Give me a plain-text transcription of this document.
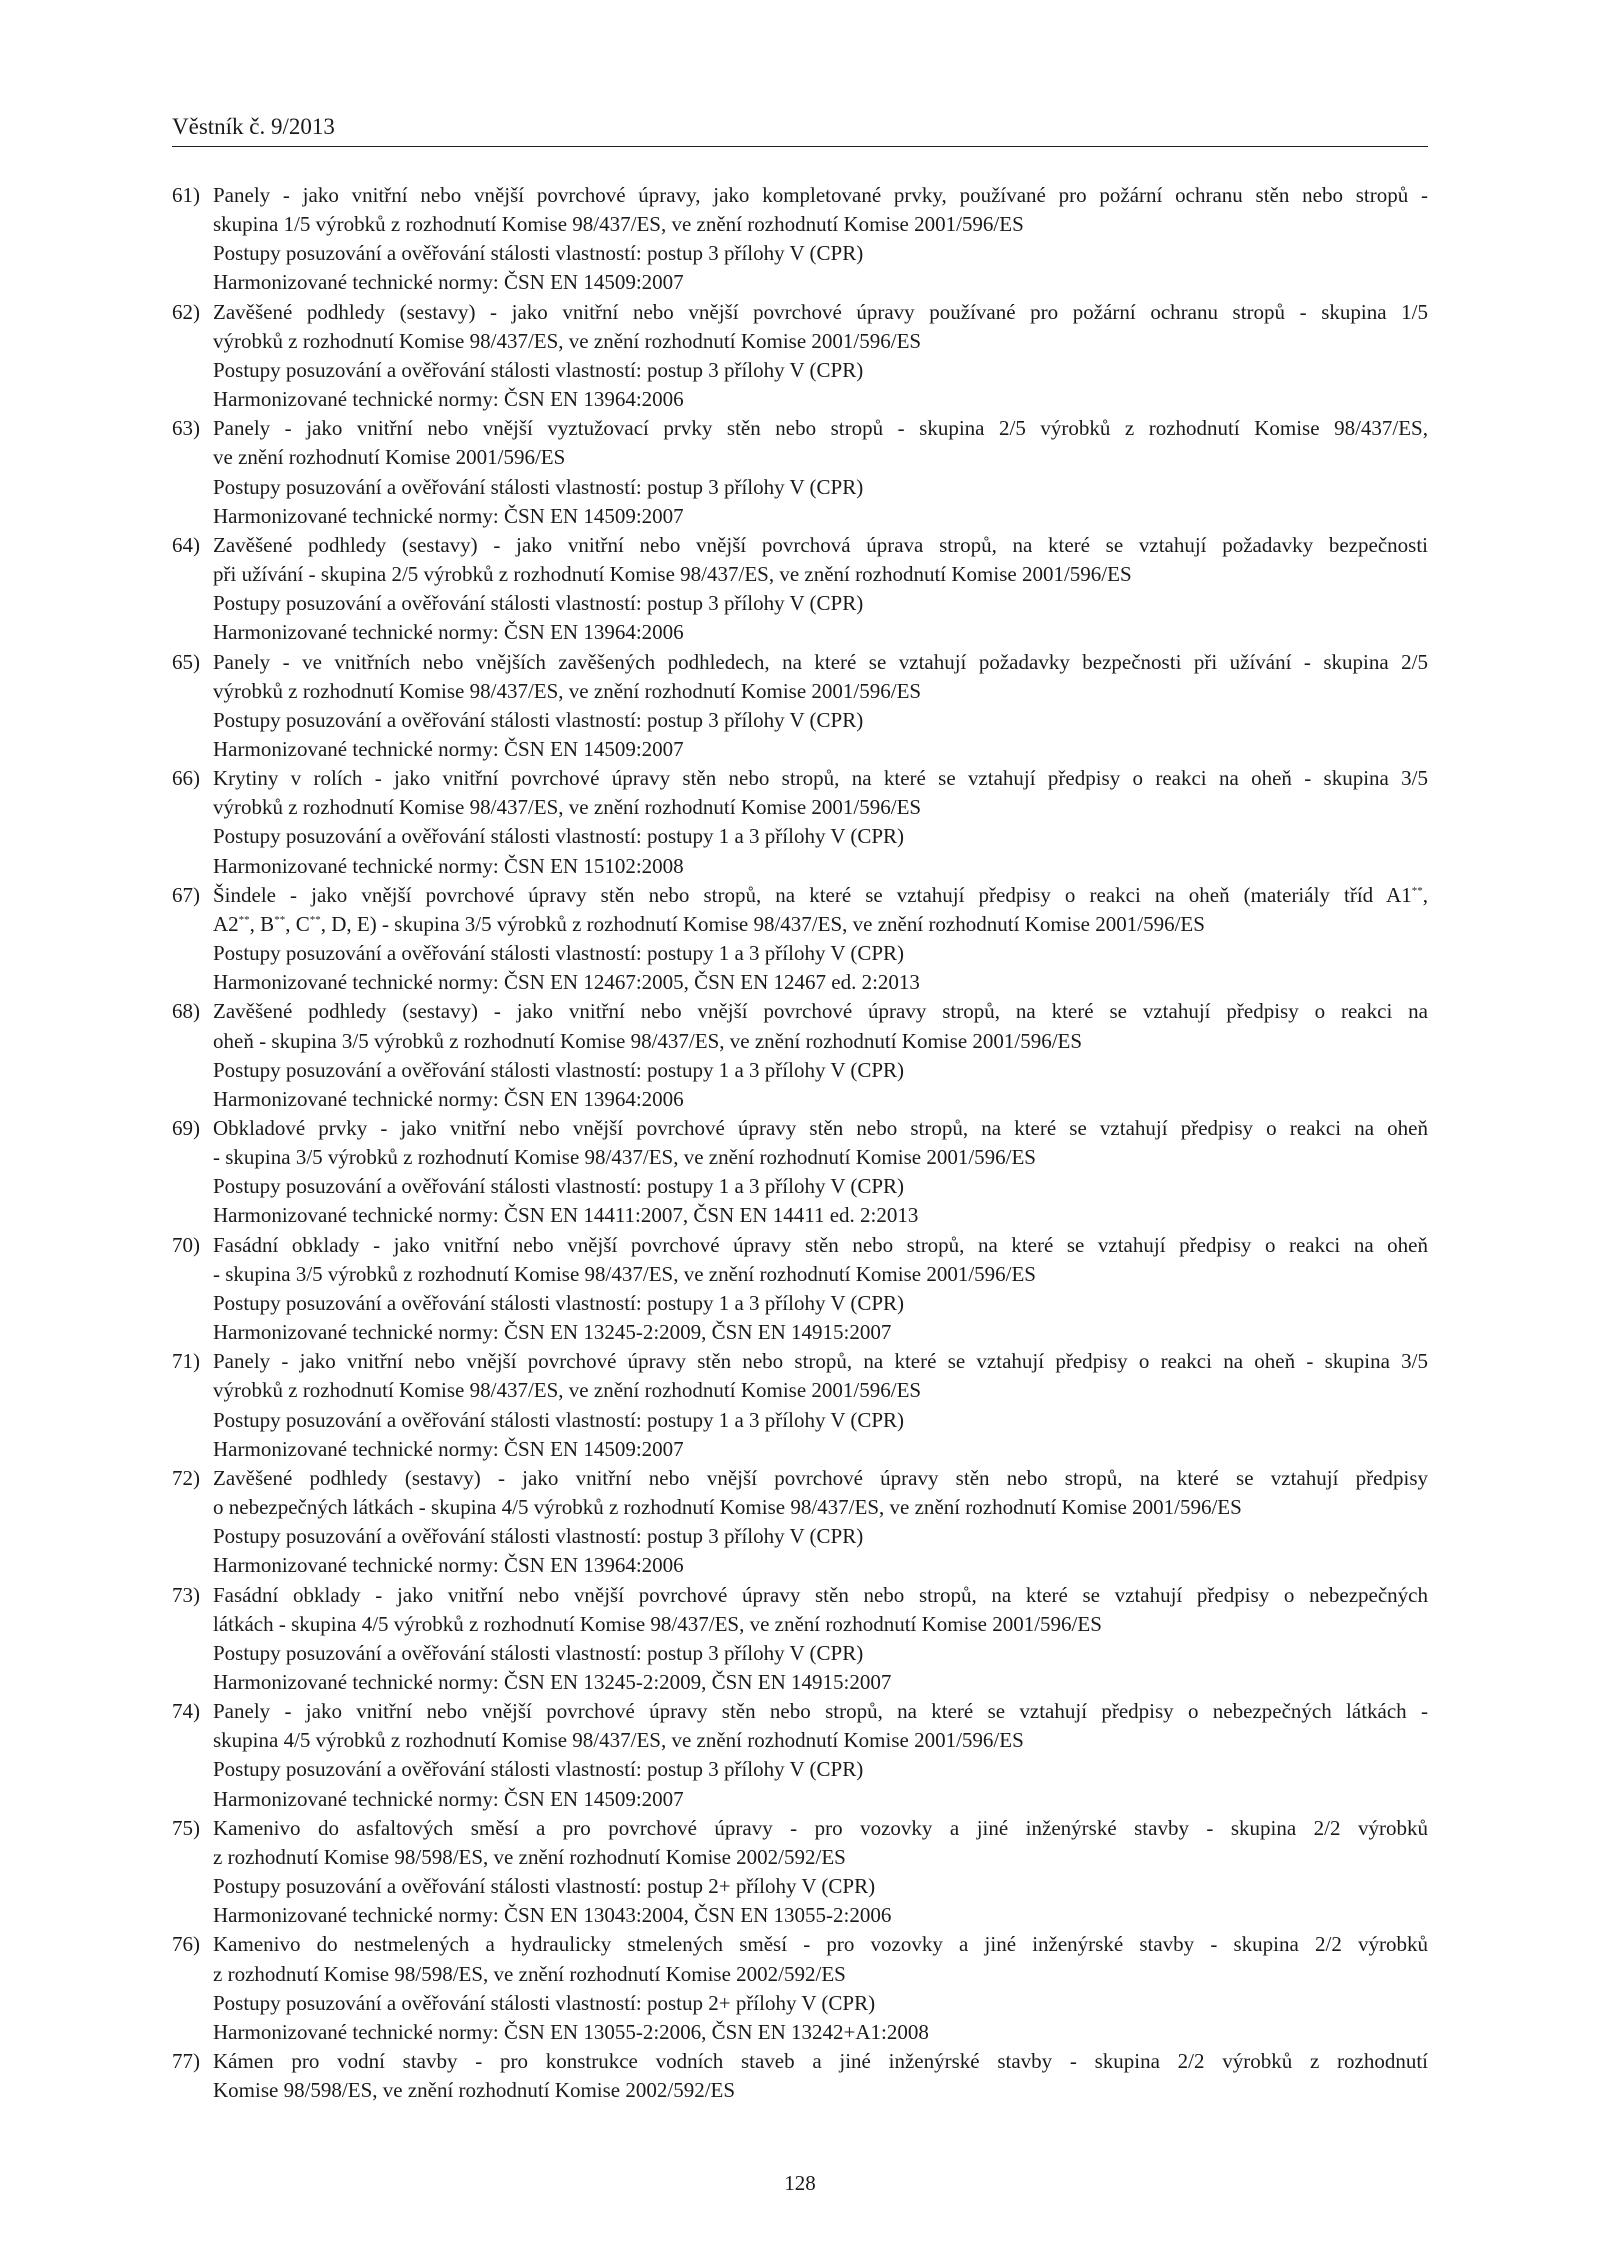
Věstník č. 9/2013
61) Panely - jako vnitřní nebo vnější povrchové úpravy, jako kompletované prvky, používané pro požární ochranu stěn nebo stropů -
skupina 1/5 výrobků z rozhodnutí Komise 98/437/ES, ve znění rozhodnutí Komise 2001/596/ES
Postupy posuzování a ověřování stálosti vlastností: postup 3 přílohy V (CPR)
Harmonizované technické normy: ČSN EN 14509:2007
62) Zavěšené podhledy (sestavy) - jako vnitřní nebo vnější povrchové úpravy používané pro požární ochranu stropů - skupina 1/5
výrobků z rozhodnutí Komise 98/437/ES, ve znění rozhodnutí Komise 2001/596/ES
Postupy posuzování a ověřování stálosti vlastností: postup 3 přílohy V (CPR)
Harmonizované technické normy: ČSN EN 13964:2006
63) Panely - jako vnitřní nebo vnější vyztužovací prvky stěn nebo stropů - skupina 2/5 výrobků z rozhodnutí Komise 98/437/ES,
ve znění rozhodnutí Komise 2001/596/ES
Postupy posuzování a ověřování stálosti vlastností: postup 3 přílohy V (CPR)
Harmonizované technické normy: ČSN EN 14509:2007
64) Zavěšené podhledy (sestavy) - jako vnitřní nebo vnější povrchová úprava stropů, na které se vztahují požadavky bezpečnosti
při užívání - skupina 2/5 výrobků z rozhodnutí Komise 98/437/ES, ve znění rozhodnutí Komise 2001/596/ES
Postupy posuzování a ověřování stálosti vlastností: postup 3 přílohy V (CPR)
Harmonizované technické normy: ČSN EN 13964:2006
65) Panely - ve vnitřních nebo vnějších zavěšených podhledech, na které se vztahují požadavky bezpečnosti při užívání - skupina 2/5
výrobků z rozhodnutí Komise 98/437/ES, ve znění rozhodnutí Komise 2001/596/ES
Postupy posuzování a ověřování stálosti vlastností: postup 3 přílohy V (CPR)
Harmonizované technické normy: ČSN EN 14509:2007
66) Krytiny v rolích - jako vnitřní povrchové úpravy stěn nebo stropů, na které se vztahují předpisy o reakci na oheň - skupina 3/5
výrobků z rozhodnutí Komise 98/437/ES, ve znění rozhodnutí Komise 2001/596/ES
Postupy posuzování a ověřování stálosti vlastností: postupy 1 a 3 přílohy V (CPR)
Harmonizované technické normy: ČSN EN 15102:2008
67) Šindele - jako vnější povrchové úpravy stěn nebo stropů, na které se vztahují předpisy o reakci na oheň (materiály tříd A1**,
A2**, B**, C**, D, E) - skupina 3/5 výrobků z rozhodnutí Komise 98/437/ES, ve znění rozhodnutí Komise 2001/596/ES
Postupy posuzování a ověřování stálosti vlastností: postupy 1 a 3 přílohy V (CPR)
Harmonizované technické normy: ČSN EN 12467:2005, ČSN EN 12467 ed. 2:2013
68) Zavěšené podhledy (sestavy) - jako vnitřní nebo vnější povrchové úpravy stropů, na které se vztahují předpisy o reakci na
oheň - skupina 3/5 výrobků z rozhodnutí Komise 98/437/ES, ve znění rozhodnutí Komise 2001/596/ES
Postupy posuzování a ověřování stálosti vlastností: postupy 1 a 3 přílohy V (CPR)
Harmonizované technické normy: ČSN EN 13964:2006
69) Obkladové prvky - jako vnitřní nebo vnější povrchové úpravy stěn nebo stropů, na které se vztahují předpisy o reakci na oheň
- skupina 3/5 výrobků z rozhodnutí Komise 98/437/ES, ve znění rozhodnutí Komise 2001/596/ES
Postupy posuzování a ověřování stálosti vlastností: postupy 1 a 3 přílohy V (CPR)
Harmonizované technické normy: ČSN EN 14411:2007, ČSN EN 14411 ed. 2:2013
70) Fasádní obklady - jako vnitřní nebo vnější povrchové úpravy stěn nebo stropů, na které se vztahují předpisy o reakci na oheň
- skupina 3/5 výrobků z rozhodnutí Komise 98/437/ES, ve znění rozhodnutí Komise 2001/596/ES
Postupy posuzování a ověřování stálosti vlastností: postupy 1 a 3 přílohy V (CPR)
Harmonizované technické normy: ČSN EN 13245-2:2009, ČSN EN 14915:2007
71) Panely - jako vnitřní nebo vnější povrchové úpravy stěn nebo stropů, na které se vztahují předpisy o reakci na oheň - skupina 3/5
výrobků z rozhodnutí Komise 98/437/ES, ve znění rozhodnutí Komise 2001/596/ES
Postupy posuzování a ověřování stálosti vlastností: postupy 1 a 3 přílohy V (CPR)
Harmonizované technické normy: ČSN EN 14509:2007
72) Zavěšené podhledy (sestavy) - jako vnitřní nebo vnější povrchové úpravy stěn nebo stropů, na které se vztahují předpisy
o nebezpečných látkách - skupina 4/5 výrobků z rozhodnutí Komise 98/437/ES, ve znění rozhodnutí Komise 2001/596/ES
Postupy posuzování a ověřování stálosti vlastností: postup 3 přílohy V (CPR)
Harmonizované technické normy: ČSN EN 13964:2006
73) Fasádní obklady - jako vnitřní nebo vnější povrchové úpravy stěn nebo stropů, na které se vztahují předpisy o nebezpečných
látkách - skupina 4/5 výrobků z rozhodnutí Komise 98/437/ES, ve znění rozhodnutí Komise 2001/596/ES
Postupy posuzování a ověřování stálosti vlastností: postup 3 přílohy V (CPR)
Harmonizované technické normy: ČSN EN 13245-2:2009, ČSN EN 14915:2007
74) Panely - jako vnitřní nebo vnější povrchové úpravy stěn nebo stropů, na které se vztahují předpisy o nebezpečných látkách -
skupina 4/5 výrobků z rozhodnutí Komise 98/437/ES, ve znění rozhodnutí Komise 2001/596/ES
Postupy posuzování a ověřování stálosti vlastností: postup 3 přílohy V (CPR)
Harmonizované technické normy: ČSN EN 14509:2007
75) Kamenivo do asfaltových směsí a pro povrchové úpravy - pro vozovky a jiné inženýrské stavby - skupina 2/2 výrobků
z rozhodnutí Komise 98/598/ES, ve znění rozhodnutí Komise 2002/592/ES
Postupy posuzování a ověřování stálosti vlastností: postup 2+ přílohy V (CPR)
Harmonizované technické normy: ČSN EN 13043:2004, ČSN EN 13055-2:2006
76) Kamenivo do nestmelených a hydraulicky stmelených směsí - pro vozovky a jiné inženýrské stavby - skupina 2/2 výrobků
z rozhodnutí Komise 98/598/ES, ve znění rozhodnutí Komise 2002/592/ES
Postupy posuzování a ověřování stálosti vlastností: postup 2+ přílohy V (CPR)
Harmonizované technické normy: ČSN EN 13055-2:2006, ČSN EN 13242+A1:2008
77) Kámen pro vodní stavby - pro konstrukce vodních staveb a jiné inženýrské stavby - skupina 2/2 výrobků z rozhodnutí
Komise 98/598/ES, ve znění rozhodnutí Komise 2002/592/ES
128
